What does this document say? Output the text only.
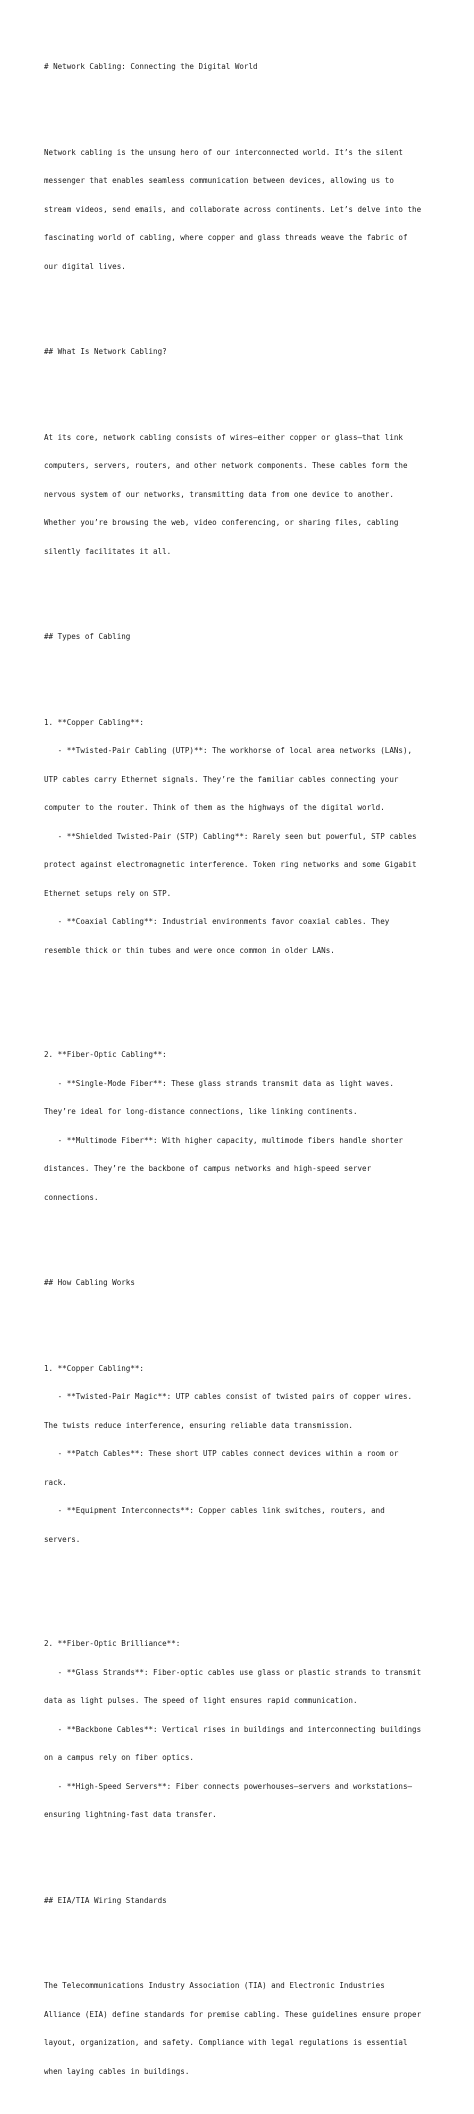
# Network Cabling: Connecting the Digital World

Network cabling is the unsung hero of our interconnected world. It’s the silent

messenger that enables seamless communication between devices, allowing us to

stream videos, send emails, and collaborate across continents. Let’s delve into the

fascinating world of cabling, where copper and glass threads weave the fabric of

our digital lives.

## What Is Network Cabling?

At its core, network cabling consists of wires—either copper or glass—that link

computers, servers, routers, and other network components. These cables form the

nervous system of our networks, transmitting data from one device to another.

Whether you’re browsing the web, video conferencing, or sharing files, cabling

silently facilitates it all.

## Types of Cabling

1. **Copper Cabling**:

- **Twisted-Pair Cabling (UTP)**: The workhorse of local area networks (LANs),

UTP cables carry Ethernet signals. They’re the familiar cables connecting your

computer to the router. Think of them as the highways of the digital world.

- **Shielded Twisted-Pair (STP) Cabling**: Rarely seen but powerful, STP cables

protect against electromagnetic interference. Token ring networks and some Gigabit

Ethernet setups rely on STP.

- **Coaxial Cabling**: Industrial environments favor coaxial cables. They

resemble thick or thin tubes and were once common in older LANs.

2. **Fiber-Optic Cabling**:

- **Single-Mode Fiber**: These glass strands transmit data as light waves.

They’re ideal for long-distance connections, like linking continents.

- **Multimode Fiber**: With higher capacity, multimode fibers handle shorter

distances. They’re the backbone of campus networks and high-speed server

connections.

## How Cabling Works

1. **Copper Cabling**:

- **Twisted-Pair Magic**: UTP cables consist of twisted pairs of copper wires.

The twists reduce interference, ensuring reliable data transmission.

- **Patch Cables**: These short UTP cables connect devices within a room or

rack.

- **Equipment Interconnects**: Copper cables link switches, routers, and

servers.

2. **Fiber-Optic Brilliance**:

- **Glass Strands**: Fiber-optic cables use glass or plastic strands to transmit

data as light pulses. The speed of light ensures rapid communication.

- **Backbone Cables**: Vertical rises in buildings and interconnecting buildings

on a campus rely on fiber optics.

- **High-Speed Servers**: Fiber connects powerhouses—servers and workstations—

ensuring lightning-fast data transfer.

## EIA/TIA Wiring Standards

The Telecommunications Industry Association (TIA) and Electronic Industries

Alliance (EIA) define standards for premise cabling. These guidelines ensure proper

layout, organization, and safety. Compliance with legal regulations is essential

when laying cables in buildings.
